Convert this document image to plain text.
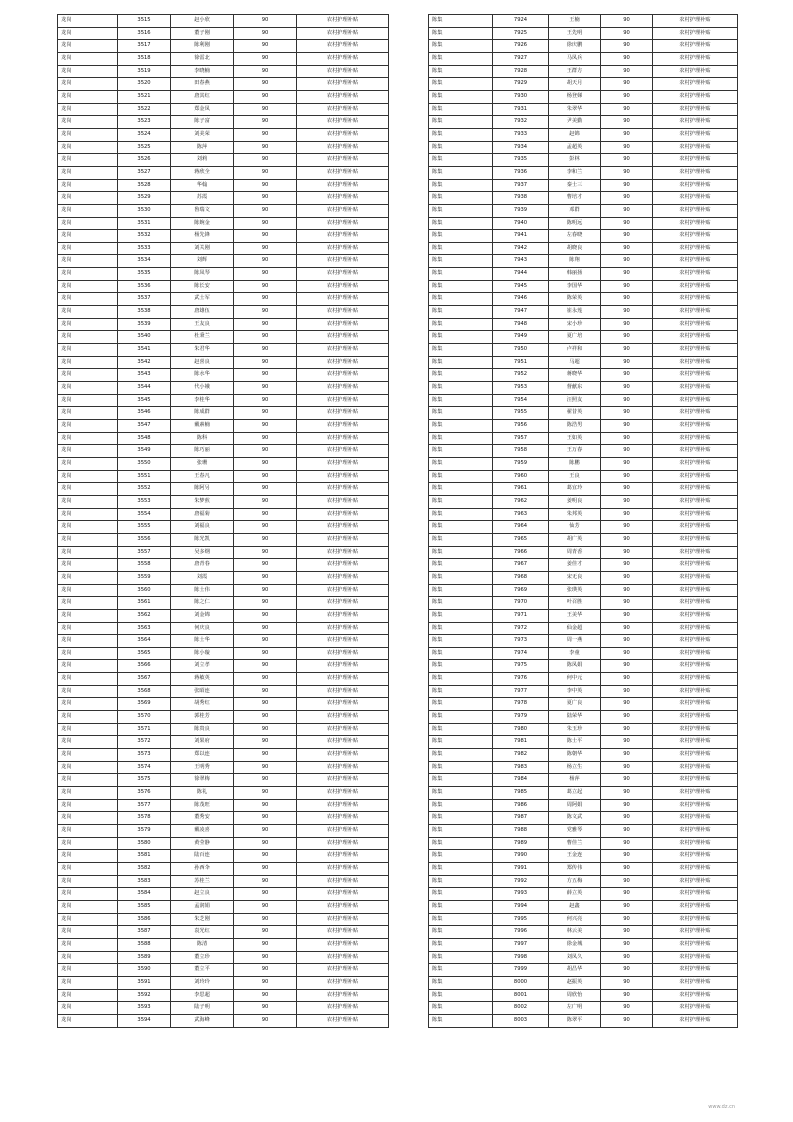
龙岗	3515	赵小欣	90	农村护理补贴
龙岗	3516	董子刚	90	农村护理补贴
龙岗	3517	陈利刚	90	农村护理补贴
龙岗	3518	徐雷北	90	农村护理补贴
龙岗	3519	李晓楠	90	农村护理补贴
龙岗	3520	田春燕	90	农村护理补贴
龙岗	3521	唐其红	90	农村护理补贴
龙岗	3522	郑金凤	90	农村护理补贴
龙岗	3523	陈子富	90	农村护理补贴
龙岗	3524	刘美荣	90	农村护理补贴
龙岗	3525	陈萍	90	农村护理补贴
龙岗	3526	刘莉	90	农村护理补贴
龙岗	3527	蒋欣全	90	农村护理补贴
龙岗	3528	华翰	90	农村护理补贴
龙岗	3529	苏霞	90	农村护理补贴
龙岗	3530	鲁瑞文	90	农村护理补贴
龙岗	3531	陈婉金	90	农村护理补贴
龙岗	3532	杨先锋	90	农村护理补贴
龙岗	3533	刘关刚	90	农村护理补贴
龙岗	3534	刘辉	90	农村护理补贴
龙岗	3535	陈凤琴	90	农村护理补贴
龙岗	3536	陈长安	90	农村护理补贴
龙岗	3537	武士军	90	农村护理补贴
龙岗	3538	唐雄伍	90	农村护理补贴
龙岗	3539	王友良	90	农村护理补贴
龙岗	3540	杜秉兰	90	农村护理补贴
龙岗	3541	朱君华	90	农村护理补贴
龙岗	3542	赵喜良	90	农村护理补贴
龙岗	3543	陈水华	90	农村护理补贴
龙岗	3544	代小娥	90	农村护理补贴
龙岗	3545	李桂华	90	农村护理补贴
龙岗	3546	陈成群	90	农村护理补贴
龙岗	3547	戴素楠	90	农村护理补贴
龙岗	3548	陈科	90	农村护理补贴
龙岗	3549	陈巧丽	90	农村护理补贴
龙岗	3550	张珊	90	农村护理补贴
龙岗	3551	王春凡	90	农村护理补贴
龙岗	3552	陈阿另	90	农村护理补贴
龙岗	3553	朱梦煎	90	农村护理补贴
龙岗	3554	唐福菊	90	农村护理补贴
龙岗	3555	刘福良	90	农村护理补贴
龙岗	3556	陈光凯	90	农村护理补贴
龙岗	3557	吴多纲	90	农村护理补贴
龙岗	3558	唐青春	90	农村护理补贴
龙岗	3559	刘霞	90	农村护理补贴
龙岗	3560	陈士伟	90	农村护理补贴
龙岗	3561	陈之仁	90	农村护理补贴
龙岗	3562	刘金锦	90	农村护理补贴
龙岗	3563	何庆良	90	农村护理补贴
龙岗	3564	陈士华	90	农村护理补贴
龙岗	3565	陈小璇	90	农村护理补贴
龙岗	3566	刘立孝	90	农村护理补贴
龙岗	3567	蒋敏英	90	农村护理补贴
龙岗	3568	张昭连	90	农村护理补贴
龙岗	3569	胡秀红	90	农村护理补贴
龙岗	3570	郭桂芳	90	农村护理补贴
龙岗	3571	陈贵良	90	农村护理补贴
龙岗	3572	刘果府	90	农村护理补贴
龙岗	3573	郑以连	90	农村护理补贴
龙岗	3574	王明秀	90	农村护理补贴
龙岗	3575	徐翠梅	90	农村护理补贴
龙岗	3576	陈礼	90	农村护理补贴
龙岗	3577	陈茂旺	90	农村护理补贴
龙岗	3578	董秀安	90	农村护理补贴
龙岗	3579	戴凌喜	90	农村护理补贴
龙岗	3580	黄莹静	90	农村护理补贴
龙岗	3581	陆百连	90	农村护理补贴
龙岗	3582	孙西伞	90	农村护理补贴
龙岗	3583	苏桂兰	90	农村护理补贴
龙岗	3584	赵立良	90	农村护理补贴
龙岗	3585	孟润娟	90	农村护理补贴
龙岗	3586	朱芝刚	90	农村护理补贴
龙岗	3587	袁光红	90	农村护理补贴
龙岗	3588	陈清	90	农村护理补贴
龙岗	3589	董立珍	90	农村护理补贴
龙岗	3590	董立平	90	农村护理补贴
龙岗	3591	刘玲玲	90	农村护理补贴
龙岗	3592	李思超	90	农村护理补贴
龙岗	3593	陆子明	90	农村护理补贴
龙岗	3594	武海峰	90	农村护理补贴
陈集	7924	王楠	90	农村护理补贴
陈集	7925	王先明	90	农村护理补贴
陈集	7926	徐庆鹏	90	农村护理补贴
陈集	7927	马凤兵	90	农村护理补贴
陈集	7928	王群方	90	农村护理补贴
陈集	7929	胡天月	90	农村护理补贴
陈集	7930	杨登娣	90	农村护理补贴
陈集	7931	朱翠华	90	农村护理补贴
陈集	7932	尹美勤	90	农村护理补贴
陈集	7933	赵锦	90	农村护理补贴
陈集	7934	孟超英	90	农村护理补贴
陈集	7935	彭林	90	农村护理补贴
陈集	7936	李和兰	90	农村护理补贴
陈集	7937	秦士三	90	农村护理补贴
陈集	7938	曹培才	90	农村护理补贴
陈集	7939	邓群	90	农村护理补贴
陈集	7940	陈明远	90	农村护理补贴
陈集	7941	左春晓	90	农村护理补贴
陈集	7942	胡晓良	90	农村护理补贴
陈集	7943	陈翔	90	农村护理补贴
陈集	7944	韩丽扬	90	农村护理补贴
陈集	7945	李国华	90	农村护理补贴
陈集	7946	陈荣英	90	农村护理补贴
陈集	7947	崔永莲	90	农村护理补贴
陈集	7948	宋小珍	90	农村护理补贴
陈集	7949	夏广培	90	农村护理补贴
陈集	7950	卢祥和	90	农村护理补贴
陈集	7951	马超	90	农村护理补贴
陈集	7952	蒋晓华	90	农村护理补贴
陈集	7953	督献东	90	农村护理补贴
陈集	7954	汪照友	90	农村护理补贴
陈集	7955	翟昔英	90	农村护理补贴
陈集	7956	陈浩男	90	农村护理补贴
陈集	7957	王如英	90	农村护理补贴
陈集	7958	王万春	90	农村护理补贴
陈集	7959	陈鹏	90	农村护理补贴
陈集	7960	王良	90	农村护理补贴
陈集	7961	葛宜玲	90	农村护理补贴
陈集	7962	姜明良	90	农村护理补贴
陈集	7963	朱邦英	90	农村护理补贴
陈集	7964	仙芳	90	农村护理补贴
陈集	7965	胡广英	90	农村护理补贴
陈集	7966	周青香	90	农村护理补贴
陈集	7967	姜佳才	90	农村护理补贴
陈集	7968	宋无良	90	农村护理补贴
陈集	7969	张瑛英	90	农村护理补贴
陈集	7970	叶召胜	90	农村护理补贴
陈集	7971	王美华	90	农村护理补贴
陈集	7972	仙金超	90	农村护理补贴
陈集	7973	周一燕	90	农村护理补贴
陈集	7974	李童	90	农村护理补贴
陈集	7975	陈凤娟	90	农村护理补贴
陈集	7976	何中元	90	农村护理补贴
陈集	7977	李中英	90	农村护理补贴
陈集	7978	夏广良	90	农村护理补贴
陈集	7979	陆荣华	90	农村护理补贴
陈集	7980	朱玉珍	90	农村护理补贴
陈集	7981	陈士平	90	农村护理补贴
陈集	7982	陈朝华	90	农村护理补贴
陈集	7983	杨立生	90	农村护理补贴
陈集	7984	杨萍	90	农村护理补贴
陈集	7985	葛立起	90	农村护理补贴
陈集	7986	周阿娟	90	农村护理补贴
陈集	7987	陈文武	90	农村护理补贴
陈集	7988	党雅琴	90	农村护理补贴
陈集	7989	曹佳兰	90	农村护理补贴
陈集	7990	王金连	90	农村护理补贴
陈集	7991	郑传伟	90	农村护理补贴
陈集	7992	方五梅	90	农村护理补贴
陈集	7993	薛立英	90	农村护理补贴
陈集	7994	赵鑫	90	农村护理补贴
陈集	7995	何兴亮	90	农村护理补贴
陈集	7996	林云美	90	农村护理补贴
陈集	7997	徐金城	90	农村护理补贴
陈集	7998	刘凤久	90	农村护理补贴
陈集	7999	胡昌华	90	农村护理补贴
陈集	8000	赵振英	90	农村护理补贴
陈集	8001	周欣怡	90	农村护理补贴
陈集	8002	左广明	90	农村护理补贴
陈集	8003	陈翠平	90	农村护理补贴
www.dz.cn
